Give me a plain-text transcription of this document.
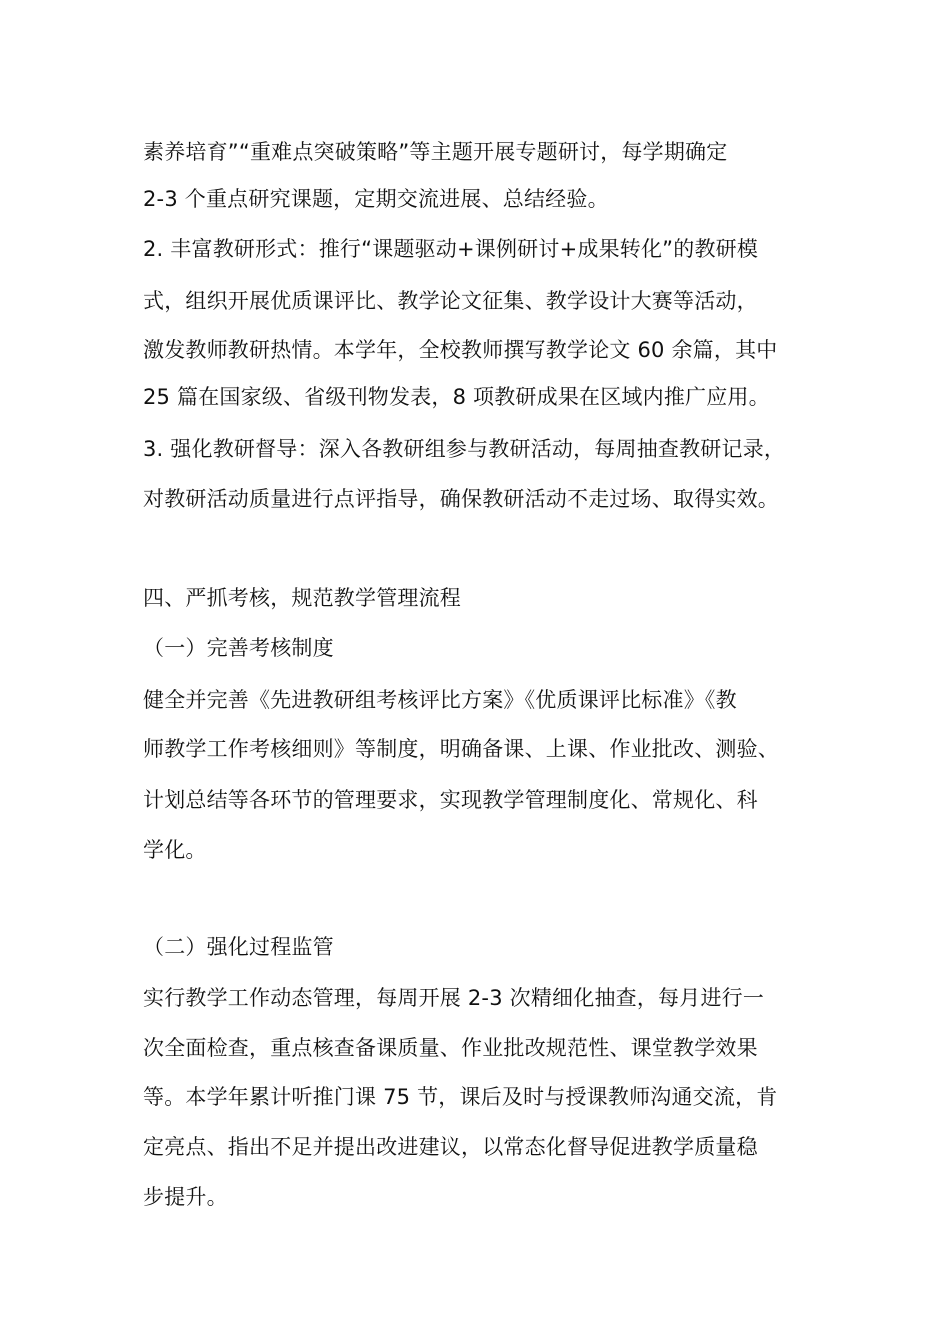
素养培育”“重难点突破策略”等主题开展专题研讨，每学期确定
2-3 个重点研究课题，定期交流进展、总结经验。
2. 丰富教研形式：推行“课题驱动+课例研讨+成果转化”的教研模
式，组织开展优质课评比、教学论文征集、教学设计大赛等活动，
激发教师教研热情。本学年，全校教师撰写教学论文 60 余篇，其中
25 篇在国家级、省级刊物发表，8 项教研成果在区域内推广应用。
3. 强化教研督导：深入各教研组参与教研活动，每周抽查教研记录，
对教研活动质量进行点评指导，确保教研活动不走过场、取得实效。
四、严抓考核，规范教学管理流程
（一）完善考核制度
健全并完善《先进教研组考核评比方案》《优质课评比标准》《教
师教学工作考核细则》等制度，明确备课、上课、作业批改、测验、
计划总结等各环节的管理要求，实现教学管理制度化、常规化、科
学化。
（二）强化过程监管
实行教学工作动态管理，每周开展 2-3 次精细化抽查，每月进行一
次全面检查，重点核查备课质量、作业批改规范性、课堂教学效果
等。本学年累计听推门课 75 节，课后及时与授课教师沟通交流，肯
定亮点、指出不足并提出改进建议，以常态化督导促进教学质量稳
步提升。
